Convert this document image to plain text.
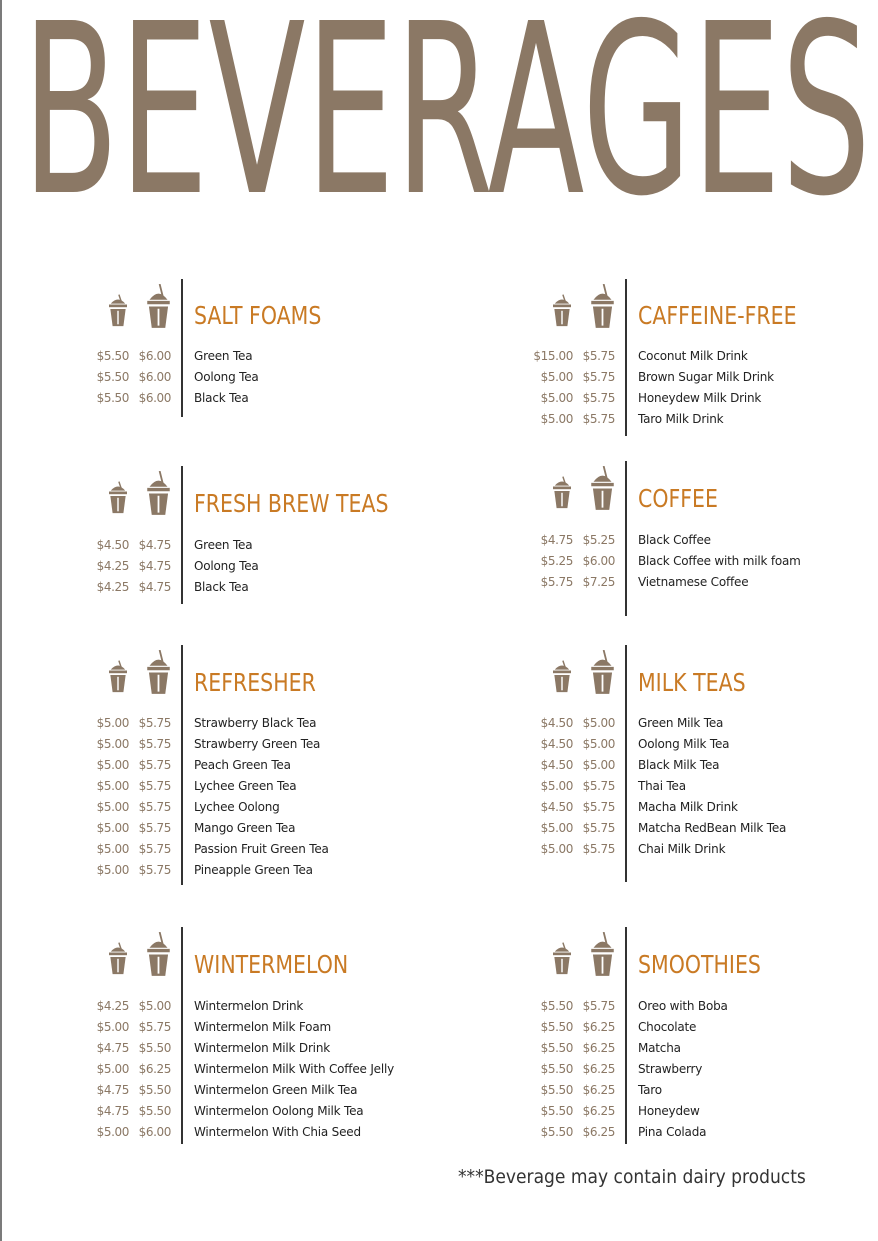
BEVERAGES
SALT FOAMS
$5.50 $6.00 Green Tea
$5.50 $6.00 Oolong Tea
$5.50 $6.00 Black Tea
CAFFEINE-FREE
$15.00 $5.75 Coconut Milk Drink
$5.00 $5.75 Brown Sugar Milk Drink
$5.00 $5.75 Honeydew Milk Drink
$5.00 $5.75 Taro Milk Drink
FRESH BREW TEAS
$4.50 $4.75 Green Tea
$4.25 $4.75 Oolong Tea
$4.25 $4.75 Black Tea
COFFEE
$4.75 $5.25 Black Coffee
$5.25 $6.00 Black Coffee with milk foam
$5.75 $7.25 Vietnamese Coffee
REFRESHER
$5.00 $5.75 Strawberry Black Tea
$5.00 $5.75 Strawberry Green Tea
$5.00 $5.75 Peach Green Tea
$5.00 $5.75 Lychee Green Tea
$5.00 $5.75 Lychee Oolong
$5.00 $5.75 Mango Green Tea
$5.00 $5.75 Passion Fruit Green Tea
$5.00 $5.75 Pineapple Green Tea
MILK TEAS
$4.50 $5.00 Green Milk Tea
$4.50 $5.00 Oolong Milk Tea
$4.50 $5.00 Black Milk Tea
$5.00 $5.75 Thai Tea
$4.50 $5.75 Macha Milk Drink
$5.00 $5.75 Matcha RedBean Milk Tea
$5.00 $5.75 Chai Milk Drink
WINTERMELON
$4.25 $5.00 Wintermelon Drink
$5.00 $5.75 Wintermelon Milk Foam
$4.75 $5.50 Wintermelon Milk Drink
$5.00 $6.25 Wintermelon Milk With Coffee Jelly
$4.75 $5.50 Wintermelon Green Milk Tea
$4.75 $5.50 Wintermelon Oolong Milk Tea
$5.00 $6.00 Wintermelon With Chia Seed
SMOOTHIES
$5.50 $5.75 Oreo with Boba
$5.50 $6.25 Chocolate
$5.50 $6.25 Matcha
$5.50 $6.25 Strawberry
$5.50 $6.25 Taro
$5.50 $6.25 Honeydew
$5.50 $6.25 Pina Colada
***Beverage may contain dairy products
